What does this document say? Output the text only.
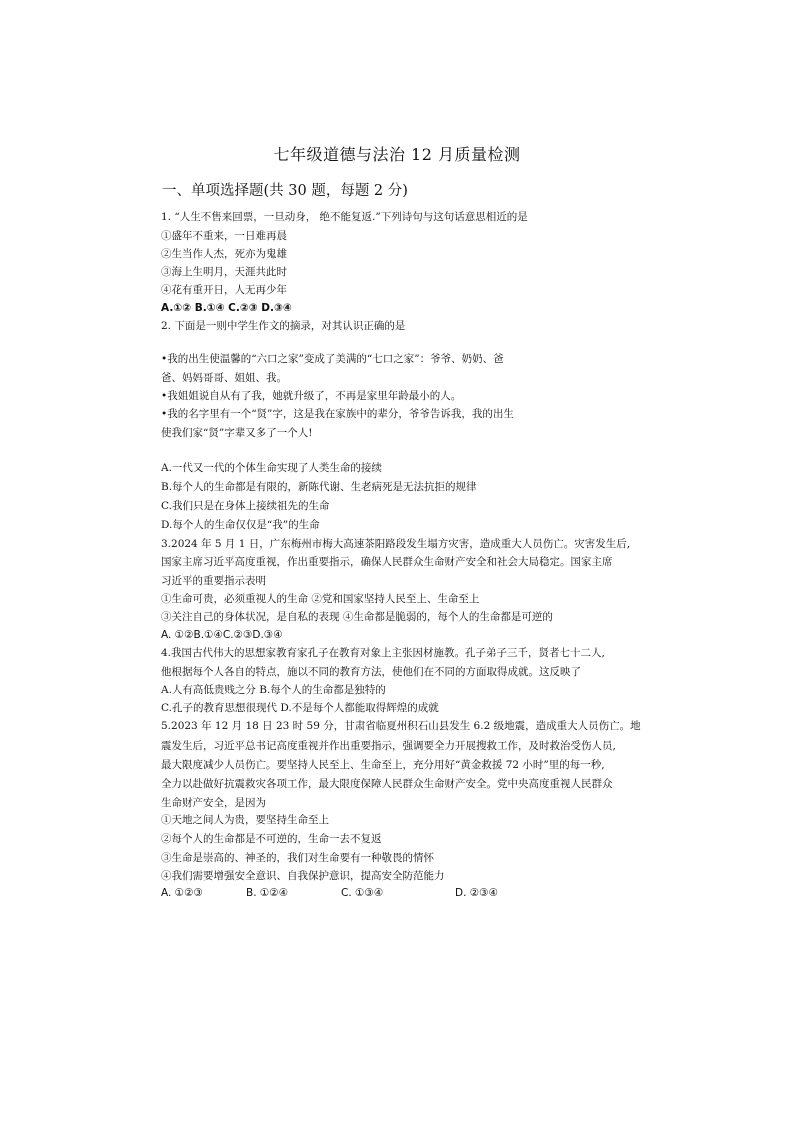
七年级道德与法治 12 月质量检测
一、单项选择题(共 30 题，每题 2 分)
1. “人生不售来回票，一旦动身， 绝不能复返.”下列诗句与这句话意思相近的是
①盛年不重来，一日难再晨
②生当作人杰，死亦为鬼雄
③海上生明月，天涯共此时
④花有重开日，人无再少年
A.①② B.①④ C.②③ D.③④
2. 下面是一则中学生作文的摘录，对其认识正确的是
•我的出生使温馨的“六口之家”变成了美满的“七口之家”：爷爷、奶奶、爸
爸、妈妈哥哥、姐姐、我。
•我姐姐说自从有了我，她就升级了，不再是家里年龄最小的人。
•我的名字里有一个“贤”字，这是我在家族中的辈分，爷爷告诉我，我的出生
使我们家“贤”字辈又多了一个人!
A.一代又一代的个体生命实现了人类生命的接续
B.每个人的生命都是有限的，新陈代谢、生老病死是无法抗拒的规律
C.我们只是在身体上接续祖先的生命
D.每个人的生命仅仅是“我”的生命
3.2024 年 5 月 1 日，广东梅州市梅大高速茶阳路段发生塌方灾害，造成重大人员伤亡。灾害发生后,
国家主席习近平高度重视，作出重要指示，确保人民群众生命财产安全和社会大局稳定。国家主席
习近平的重要指示表明
①生命可贵，必须重视人的生命 ②党和国家坚持人民至上、生命至上
③关注自己的身体状况，是自私的表现 ④生命都是脆弱的，每个人的生命都是可逆的
A. ①②B.①④C.②③D.③④
4.我国古代伟大的思想家教育家孔子在教育对象上主张因材施教。孔子弟子三千，贤者七十二人,
他根据每个人各自的特点，施以不同的教育方法，使他们在不同的方面取得成就。这反映了
A.人有高低贵贱之分 B.每个人的生命都是独特的
C.孔子的教育思想很现代 D.不是每个人都能取得辉煌的成就
5.2023 年 12 月 18 日 23 时 59 分，甘肃省临夏州积石山县发生 6.2 级地震，造成重大人员伤亡。地
震发生后，习近平总书记高度重视并作出重要指示，强调要全力开展搜救工作，及时救治受伤人员,
最大限度减少人员伤亡。要坚持人民至上、生命至上，充分用好“黄金救援 72 小时”里的每一秒,
全力以赴做好抗震救灾各项工作，最大限度保障人民群众生命财产安全。党中央高度重视人民群众
生命财产安全，是因为
①天地之间人为贵，要坚持生命至上
②每个人的生命都是不可逆的，生命一去不复返
③生命是崇高的、神圣的，我们对生命要有一种敬畏的情怀
④我们需要增强安全意识、自我保护意识，提高安全防范能力
A. ①②③	B. ①②④	C. ①③④	D. ②③④
